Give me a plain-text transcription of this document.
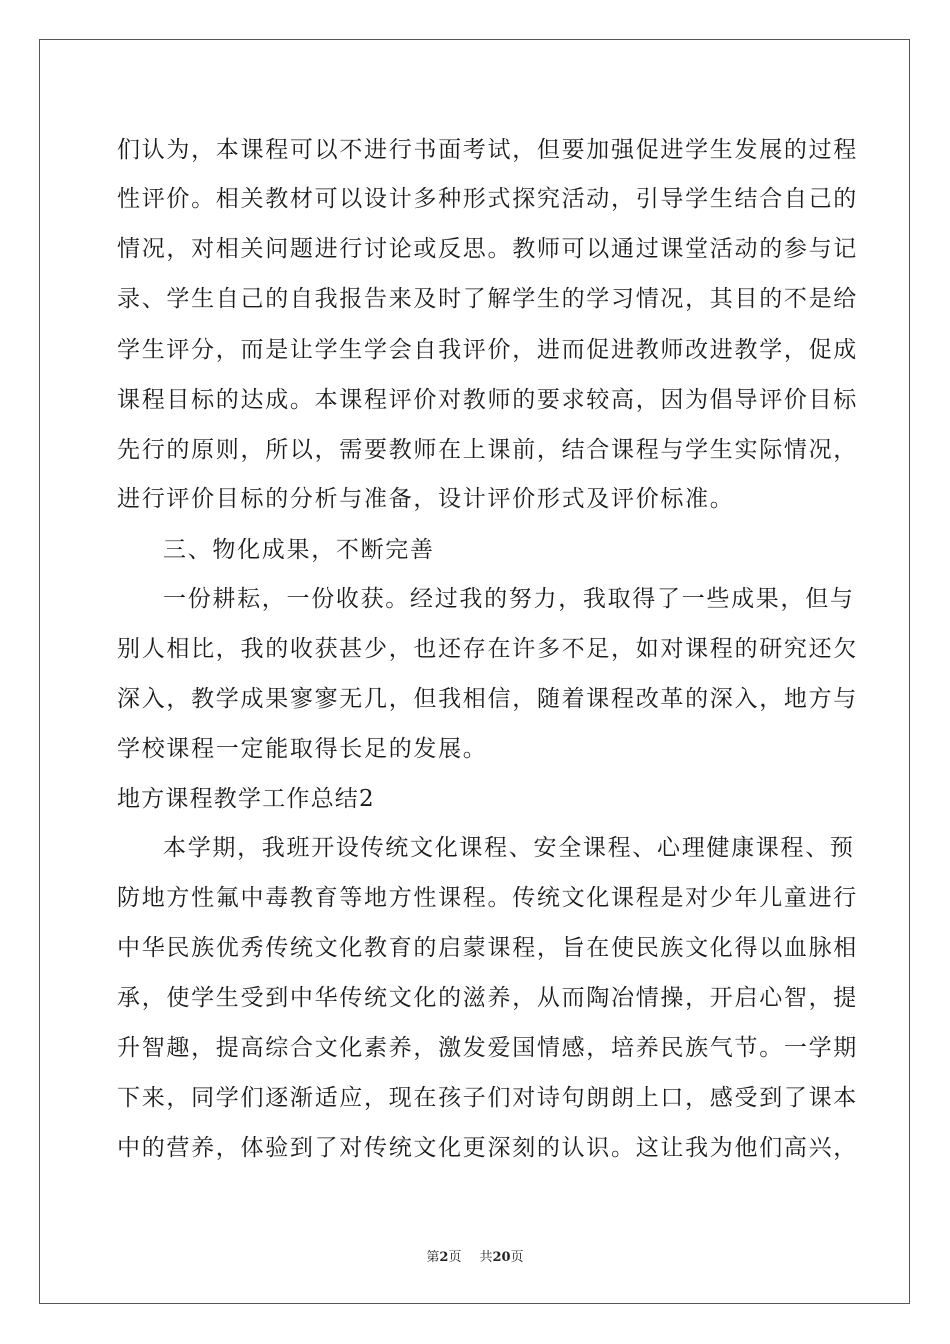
们认为，本课程可以不进行书面考试，但要加强促进学生发展的过程
性评价。相关教材可以设计多种形式探究活动，引导学生结合自己的
情况，对相关问题进行讨论或反思。教师可以通过课堂活动的参与记
录、学生自己的自我报告来及时了解学生的学习情况，其目的不是给
学生评分，而是让学生学会自我评价，进而促进教师改进教学，促成
课程目标的达成。本课程评价对教师的要求较高，因为倡导评价目标
先行的原则，所以，需要教师在上课前，结合课程与学生实际情况，
进行评价目标的分析与准备，设计评价形式及评价标准。
三、物化成果，不断完善
一份耕耘，一份收获。经过我的努力，我取得了一些成果，但与
别人相比，我的收获甚少，也还存在许多不足，如对课程的研究还欠
深入，教学成果寥寥无几，但我相信，随着课程改革的深入，地方与
学校课程一定能取得长足的发展。
地方课程教学工作总结2
本学期，我班开设传统文化课程、安全课程、心理健康课程、预
防地方性氟中毒教育等地方性课程。传统文化课程是对少年儿童进行
中华民族优秀传统文化教育的启蒙课程，旨在使民族文化得以血脉相
承，使学生受到中华传统文化的滋养，从而陶冶情操，开启心智，提
升智趣，提高综合文化素养，激发爱国情感，培养民族气节。一学期
下来，同学们逐渐适应，现在孩子们对诗句朗朗上口，感受到了课本
中的营养，体验到了对传统文化更深刻的认识。这让我为他们高兴，
第2页 共20页
